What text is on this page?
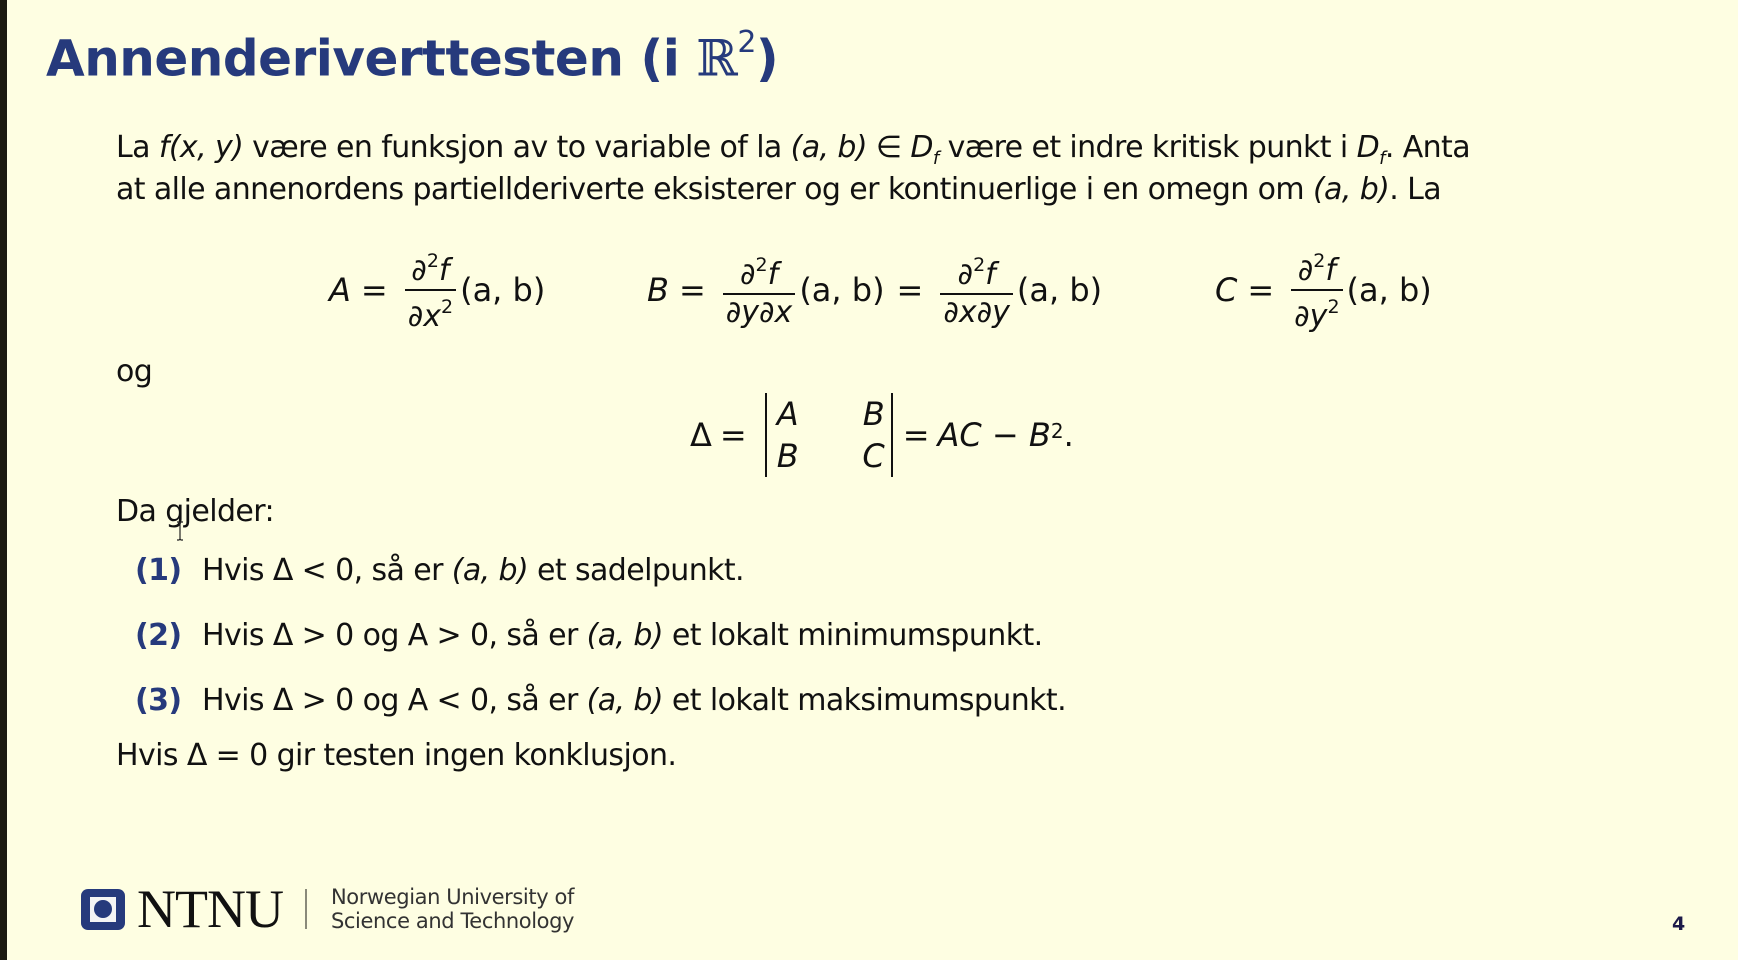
Annenderiverttesten (i ℝ$^2$)
La f(x, y) være en funksjon av to variable of la (a, b) ∈ $D_f$ være et indre kritisk punkt i $D_f$. Anta
at alle annenordens partiellderiverte eksisterer og er kontinuerlige i en omegn om (a, b). La
$A = \frac{\partial^2f}{\partial x^2} (a$, b)	$B = \frac{\partial^2f}{\partial y\partial x} (a$, $b) = \frac{\partial^2f}{\partial x\partial y} (a$, b)	$C = \frac{\partial^2f}{\partial y^2} (a$, b)
og
Δ =
A	B
B	C
= AC − $B^2$ .
Da gjelder:
(1) Hvis Δ < 0, så er (a, b) et sadelpunkt.
(2) Hvis Δ > 0 og A > 0, så er (a, b) et lokalt minimumspunkt.
(3) Hvis Δ > 0 og A < 0, så er (a, b) et lokalt maksimumspunkt.
Hvis Δ = 0 gir testen ingen konklusjon.
NTNU Norwegian University of
Science and Technology	4
